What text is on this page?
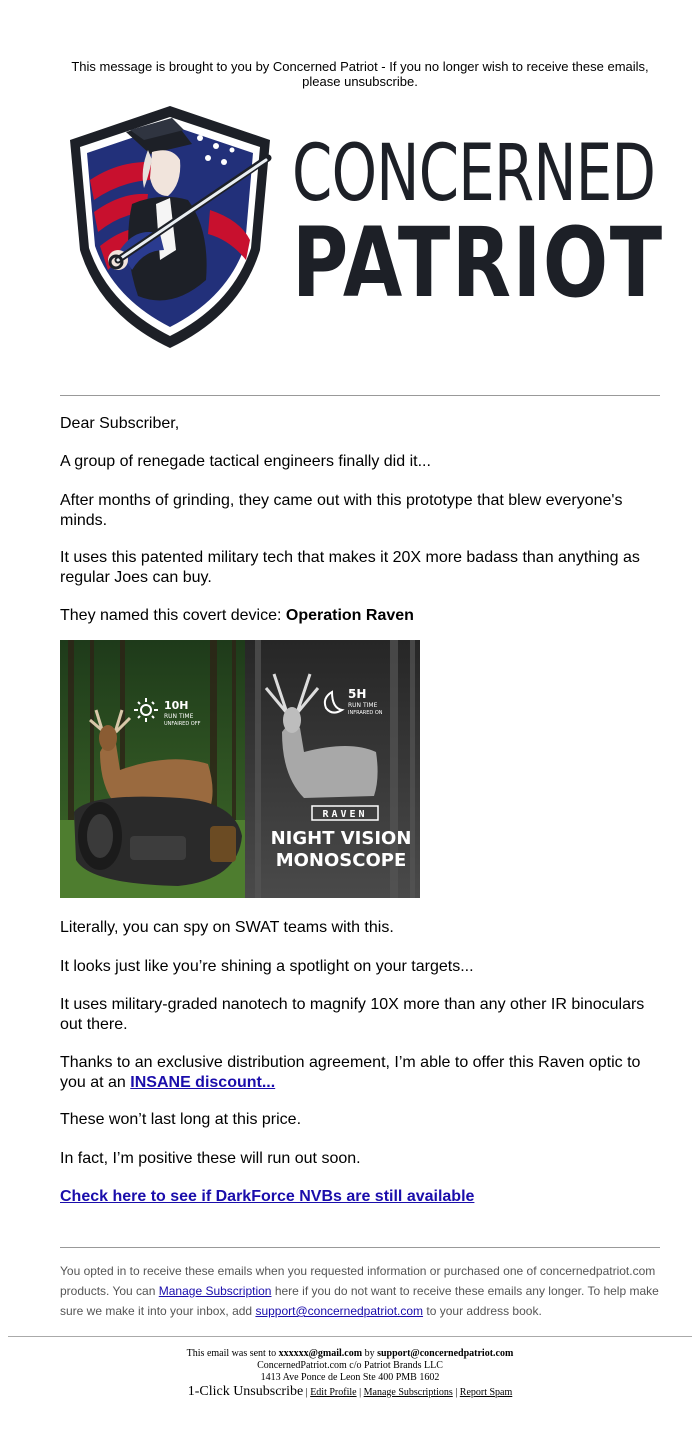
This message is brought to you by Concerned Patriot - If you no longer wish to receive these emails, please unsubscribe.
CONCERNED
PATRIOT
Dear Subscriber,
A group of renegade tactical engineers finally did it...
After months of grinding, they came out with this prototype that blew everyone's minds.
It uses this patented military tech that makes it 20X more badass than anything as regular Joes can buy.
They named this covert device: Operation Raven
10H
RUN TIME
UNFAIRED OFF
5H
RUN TIME
INFRARED ON
RAVEN
NIGHT VISION
MONOSCOPE
Literally, you can spy on SWAT teams with this.
It looks just like you’re shining a spotlight on your targets...
It uses military-graded nanotech to magnify 10X more than any other IR binoculars out there.
Thanks to an exclusive distribution agreement, I’m able to offer this Raven optic to you at an INSANE discount...
These won’t last long at this price.
In fact, I’m positive these will run out soon.
Check here to see if DarkForce NVBs are still available
You opted in to receive these emails when you requested information or purchased one of concernedpatriot.com products. You can Manage Subscription here if you do not want to receive these emails any longer. To help make sure we make it into your inbox, add support@concernedpatriot.com to your address book.
This email was sent to xxxxxx@gmail.com by support@concernedpatriot.com
ConcernedPatriot.com c/o Patriot Brands LLC
1413 Ave Ponce de Leon Ste 400 PMB 1602
1-Click Unsubscribe | Edit Profile | Manage Subscriptions | Report Spam
